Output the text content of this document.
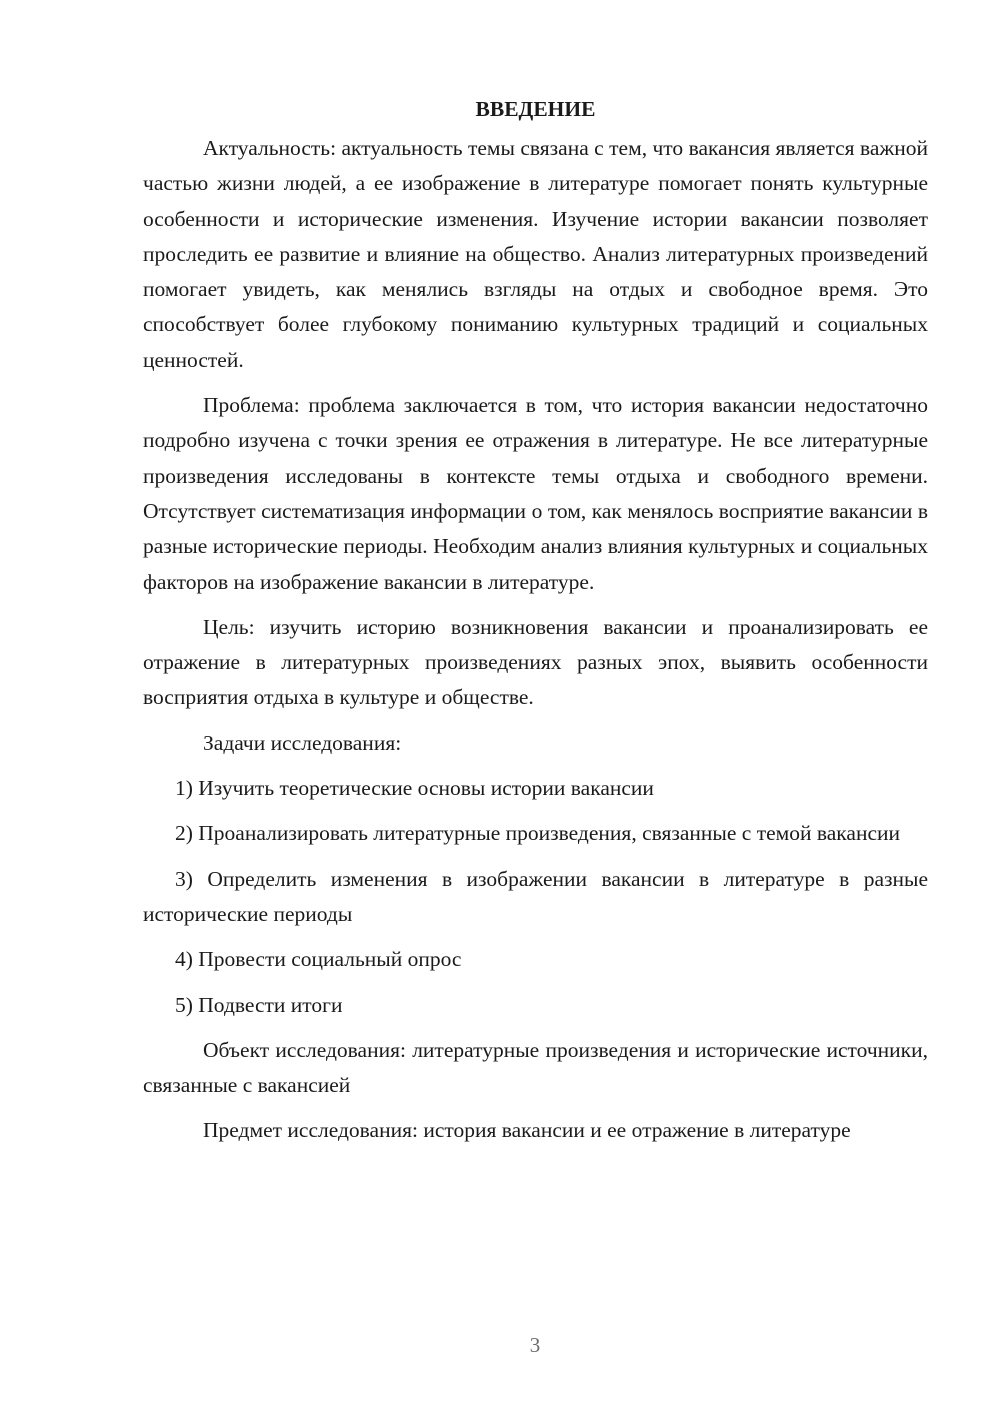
ВВЕДЕНИЕ

Актуальность: актуальность темы связана с тем, что вакансия является важной частью жизни людей, а ее изображение в литературе помогает понять культурные особенности и исторические изменения. Изучение истории вакансии позволяет проследить ее развитие и влияние на общество. Анализ литературных произведений помогает увидеть, как менялись взгляды на отдых и свободное время. Это способствует более глубокому пониманию культурных традиций и социальных ценностей.

Проблема: проблема заключается в том, что история вакансии недостаточно подробно изучена с точки зрения ее отражения в литературе. Не все литературные произведения исследованы в контексте темы отдыха и свободного времени. Отсутствует систематизация информации о том, как менялось восприятие вакансии в разные исторические периоды. Необходим анализ влияния культурных и социальных факторов на изображение вакансии в литературе.

Цель: изучить историю возникновения вакансии и проанализировать ее отражение в литературных произведениях разных эпох, выявить особенности восприятия отдыха в культуре и обществе.

Задачи исследования:

1) Изучить теоретические основы истории вакансии

2) Проанализировать литературные произведения, связанные с темой вакансии

3) Определить изменения в изображении вакансии в литературе в разные исторические периоды

4) Провести социальный опрос

5) Подвести итоги

Объект исследования: литературные произведения и исторические источники, связанные с вакансией

Предмет исследования: история вакансии и ее отражение в литературе

3
